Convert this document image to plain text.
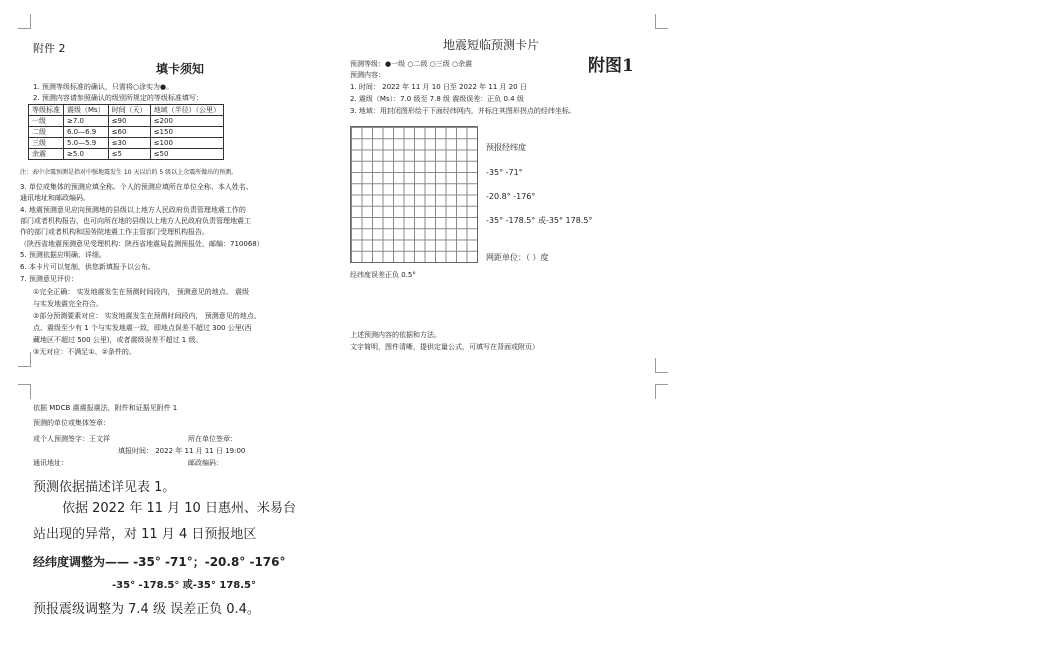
附件 2
填卡须知
1. 预测等级标准的确认，只需将○涂实为●。
2. 预测内容请参照确认的级别所规定的等级标准填写：
等级标准	震级（Ms）	时间（天）	地域（半径）（公里）
一级	≥7.0	≤90	≤200
二级	6.0—6.9	≤60	≤150
三级	5.0—5.9	≤30	≤100
余震	≥5.0	≤5	≤50
注：表中余震预测是指对中强地震发生 10 天以后的 5 级以上余震所做出的预测。
3. 单位或集体的预测应填全称。个人的预测应填所在单位全称、本人姓名、
通讯地址和邮政编码。
4. 地震预测意见应向预测地的县级以上地方人民政府负责管理地震工作的
部门或者机构报告，也可向所在地的县级以上地方人民政府负责管理地震工
作的部门或者机构和国务院地震工作主管部门受理机构报告。
（陕西省地震预测意见受理机构：陕西省地震局监测预报处，邮编：710068）
5. 预测依据应明确、详细。
6. 本卡片可以复制，供您新填报予以公布。
7. 预测意见评价：
①完全正确： 实发地震发生在预测时间段内， 预测意见的地点、 震级
与实发地震完全符合。
②部分预测要素对应： 实发地震发生在预测时间段内， 预测意见的地点、
点、震级至少有 1 个与实发地震一致，即地点误差不超过 300 公里(西
藏地区不超过 500 公里)，或者震级误差不超过 1 级。
③无对应：不满足①、②条件的。
地震短临预测卡片
附图1
预测等级：●一级 ○二级 ○三级 ○余震
预测内容：
1. 时间： 2022 年 11 月 10 日至 2022 年 11 月 20 日
2. 震级（Ms）：7.0 级至 7.8 级 震级误差：正负 0.4 级
3. 地域：用封闭图形绘于下面经纬网内，并标注其图形拐点的经纬坐标。
预报经纬度
-35° -71°
-20.8° -176°
-35° -178.5° 或-35° 178.5°
网距单位：（ ）度
经纬度误差正负 0.5°
上述预测内容的依据和方法。
文字简明，图件清晰，提供定量公式，可填写在背面或附页）
依据 MDCB 震震报震法，附件和证据见附件 1
预测的单位或集体签章：
或个人预测签字：王文祥	所在单位签章：
填报时间： 2022 年 11 月 11 日 19:00
通讯地址：	邮政编码：
预测依据描述详见表 1。
依据 2022 年 11 月 10 日惠州、米易台
站出现的异常，对 11 月 4 日预报地区
经纬度调整为—— -35° -71°；-20.8° -176°
-35° -178.5° 或-35° 178.5°
预报震级调整为 7.4 级 误差正负 0.4。
